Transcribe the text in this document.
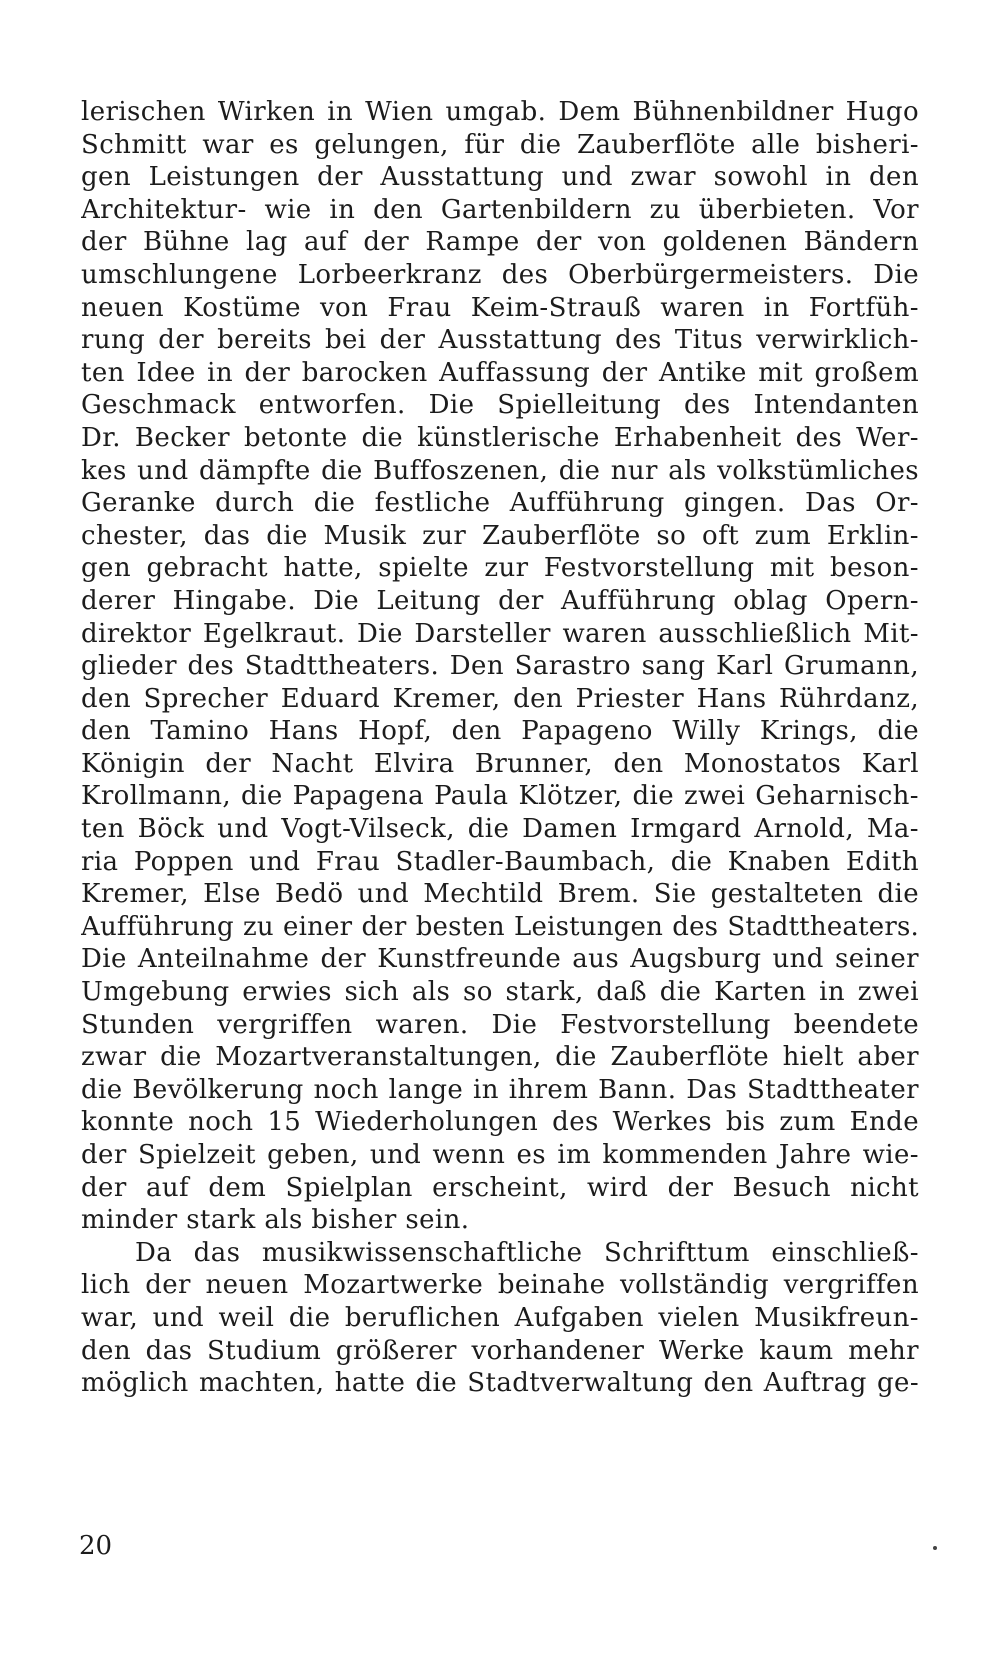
lerischen Wirken in Wien umgab. Dem Bühnenbildner Hugo
Schmitt war es gelungen, für die Zauberflöte alle bisheri-
gen Leistungen der Ausstattung und zwar sowohl in den
Architektur- wie in den Gartenbildern zu überbieten. Vor
der Bühne lag auf der Rampe der von goldenen Bändern
umschlungene Lorbeerkranz des Oberbürgermeisters. Die
neuen Kostüme von Frau Keim-Strauß waren in Fortfüh-
rung der bereits bei der Ausstattung des Titus verwirklich-
ten Idee in der barocken Auffassung der Antike mit großem
Geschmack entworfen. Die Spielleitung des Intendanten
Dr. Becker betonte die künstlerische Erhabenheit des Wer-
kes und dämpfte die Buffoszenen, die nur als volkstümliches
Geranke durch die festliche Aufführung gingen. Das Or-
chester, das die Musik zur Zauberflöte so oft zum Erklin-
gen gebracht hatte, spielte zur Festvorstellung mit beson-
derer Hingabe. Die Leitung der Aufführung oblag Opern-
direktor Egelkraut. Die Darsteller waren ausschließlich Mit-
glieder des Stadttheaters. Den Sarastro sang Karl Grumann,
den Sprecher Eduard Kremer, den Priester Hans Rührdanz,
den Tamino Hans Hopf, den Papageno Willy Krings, die
Königin der Nacht Elvira Brunner, den Monostatos Karl
Krollmann, die Papagena Paula Klötzer, die zwei Geharnisch-
ten Böck und Vogt-Vilseck, die Damen Irmgard Arnold, Ma-
ria Poppen und Frau Stadler-Baumbach, die Knaben Edith
Kremer, Else Bedö und Mechtild Brem. Sie gestalteten die
Aufführung zu einer der besten Leistungen des Stadttheaters.
Die Anteilnahme der Kunstfreunde aus Augsburg und seiner
Umgebung erwies sich als so stark, daß die Karten in zwei
Stunden vergriffen waren. Die Festvorstellung beendete
zwar die Mozartveranstaltungen, die Zauberflöte hielt aber
die Bevölkerung noch lange in ihrem Bann. Das Stadttheater
konnte noch 15 Wiederholungen des Werkes bis zum Ende
der Spielzeit geben, und wenn es im kommenden Jahre wie-
der auf dem Spielplan erscheint, wird der Besuch nicht
minder stark als bisher sein.
Da das musikwissenschaftliche Schrifttum einschließ-
lich der neuen Mozartwerke beinahe vollständig vergriffen
war, und weil die beruflichen Aufgaben vielen Musikfreun-
den das Studium größerer vorhandener Werke kaum mehr
möglich machten, hatte die Stadtverwaltung den Auftrag ge-
20
